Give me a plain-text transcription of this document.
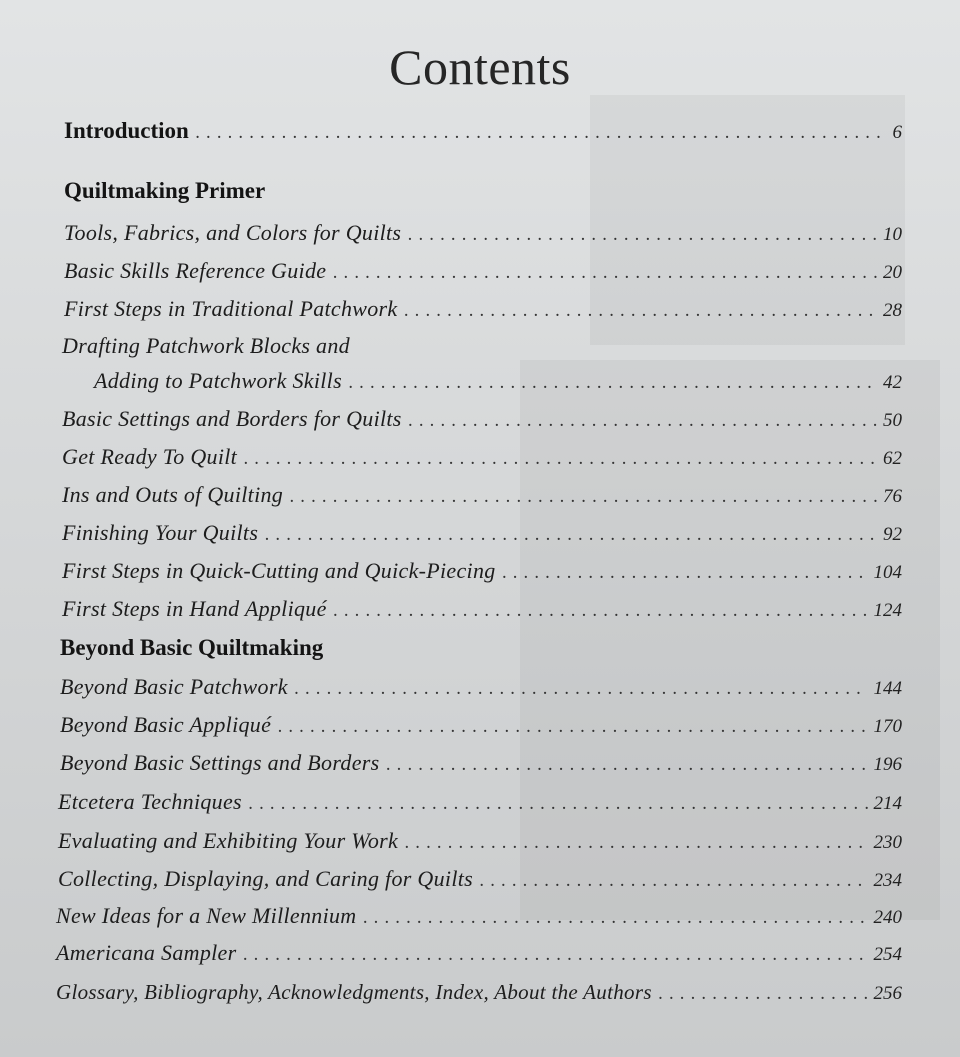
Contents
Introduction . . .	6
Quiltmaking Primer
Tools, Fabrics, and Colors for Quilts . . .	10
Basic Skills Reference Guide . . .	20
First Steps in Traditional Patchwork . . .	28
Drafting Patchwork Blocks and
Adding to Patchwork Skills . . .	42
Basic Settings and Borders for Quilts . . .	50
Get Ready To Quilt . . .	62
Ins and Outs of Quilting . . .	76
Finishing Your Quilts . . .	92
First Steps in Quick-Cutting and Quick-Piecing . . .	104
First Steps in Hand Appliqué . . .	124
Beyond Basic Quiltmaking
Beyond Basic Patchwork . . .	144
Beyond Basic Appliqué . . .	170
Beyond Basic Settings and Borders . . .	196
Etcetera Techniques . . .	214
Evaluating and Exhibiting Your Work . . .	230
Collecting, Displaying, and Caring for Quilts . . .	234
New Ideas for a New Millennium . . .	240
Americana Sampler . . .	254
Glossary, Bibliography, Acknowledgments, Index, About the Authors . . .	256
